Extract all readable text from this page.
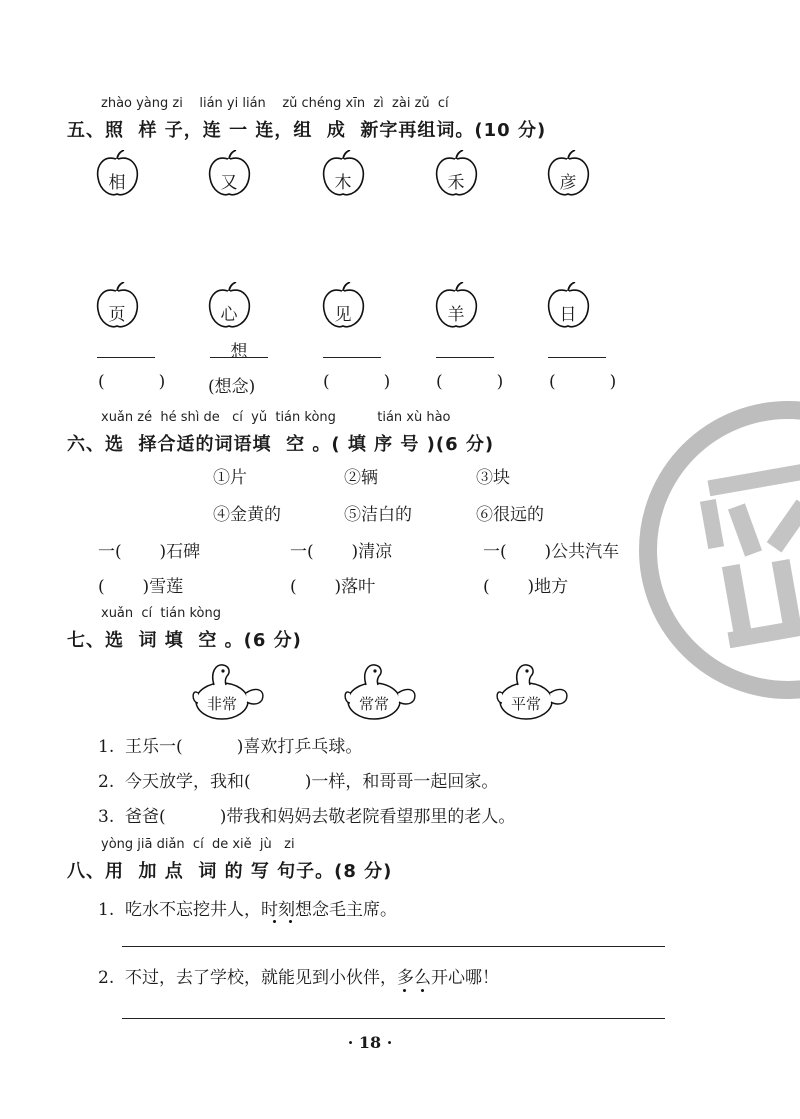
zhào yàng zi    lián yi lián    zǔ chéng xīn  zì  zài zǔ  cí
五、照  样 子，连 一 连，组  成  新字再组词。(10 分)
相	又	木	禾	彦
页	心	见	羊	日
想
(          )	(想念)	(          )	(          )	(          )
xuǎn zé  hé shì de   cí  yǔ  tián kòng          tián xù hào
六、选  择合适的词语填  空 。( 填 序 号 )(6 分)
①片	②辆	③块
④金黄的	⑤洁白的	⑥很远的
一(       )石碑	一(       )清凉	一(       )公共汽车
(       )雪莲	(       )落叶	(       )地方
xuǎn  cí  tián kòng
七、选  词 填  空 。(6 分)
非常	常常	平常
1.  王乐一(          )喜欢打乒乓球。
2.  今天放学，我和(          )一样，和哥哥一起回家。
3.  爸爸(          )带我和妈妈去敬老院看望那里的老人。
yòng jiā diǎn  cí  de xiě  jù   zi
八、用  加 点  词 的 写 句子。(8 分)
1.  吃水不忘挖井人，时刻想念毛主席。
2.  不过，去了学校，就能见到小伙伴，多么开心哪！
· 18 ·
